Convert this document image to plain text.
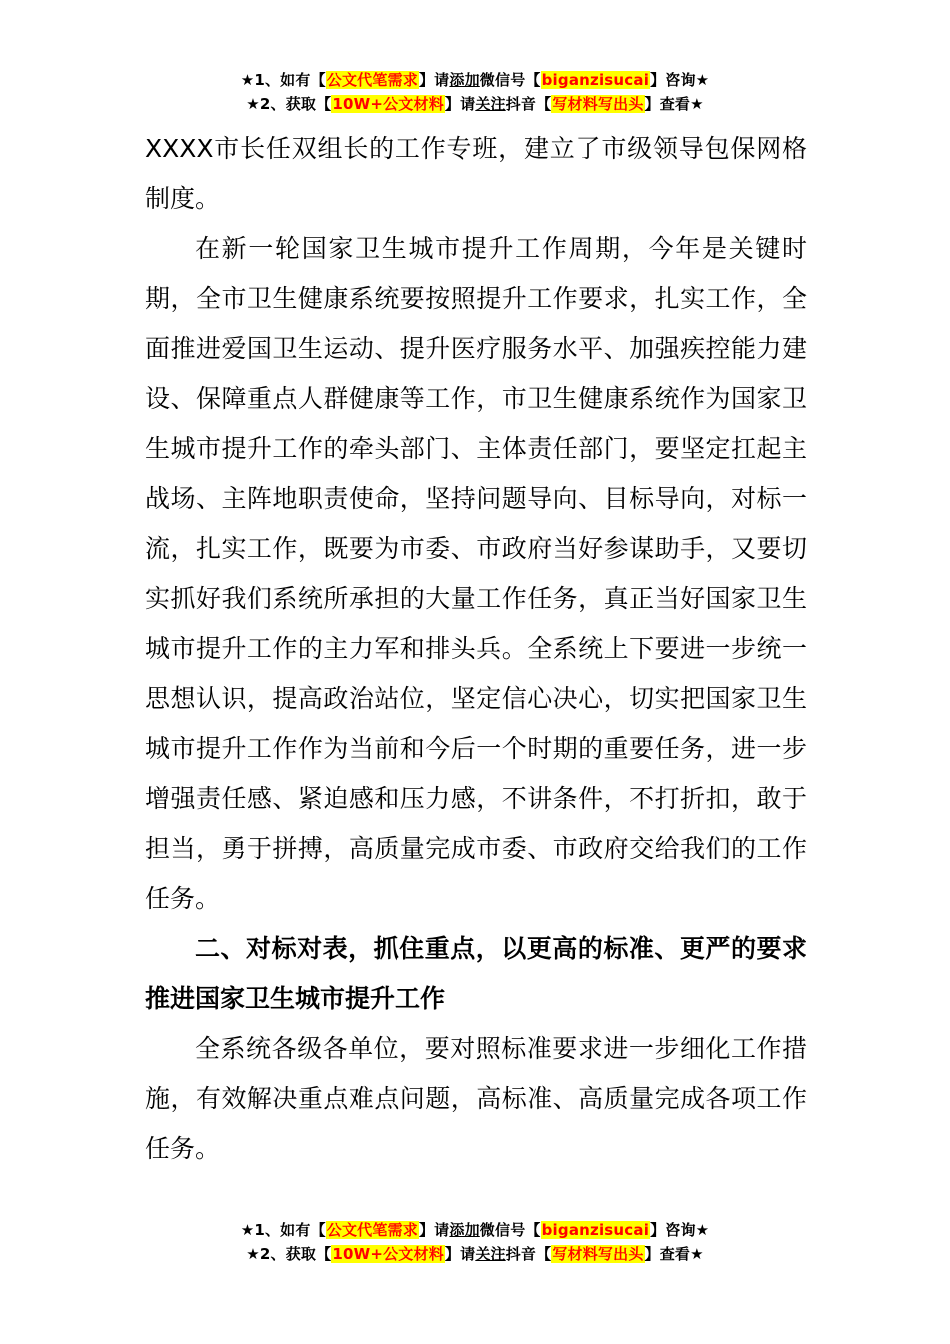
★1、如有【公文代笔需求】请添加微信号【biganzisucai】咨询★
★2、获取【10W+公文材料】请关注抖音【写材料写出头】查看★

XXXX市长任双组长的工作专班，建立了市级领导包保网格制度。

在新一轮国家卫生城市提升工作周期，今年是关键时期，全市卫生健康系统要按照提升工作要求，扎实工作，全面推进爱国卫生运动、提升医疗服务水平、加强疾控能力建设、保障重点人群健康等工作，市卫生健康系统作为国家卫生城市提升工作的牵头部门、主体责任部门，要坚定扛起主战场、主阵地职责使命，坚持问题导向、目标导向，对标一流，扎实工作，既要为市委、市政府当好参谋助手，又要切实抓好我们系统所承担的大量工作任务，真正当好国家卫生城市提升工作的主力军和排头兵。全系统上下要进一步统一思想认识，提高政治站位，坚定信心决心，切实把国家卫生城市提升工作作为当前和今后一个时期的重要任务，进一步增强责任感、紧迫感和压力感，不讲条件，不打折扣，敢于担当，勇于拼搏，高质量完成市委、市政府交给我们的工作任务。

二、对标对表，抓住重点，以更高的标准、更严的要求推进国家卫生城市提升工作

全系统各级各单位，要对照标准要求进一步细化工作措施，有效解决重点难点问题，高标准、高质量完成各项工作任务。

★1、如有【公文代笔需求】请添加微信号【biganzisucai】咨询★
★2、获取【10W+公文材料】请关注抖音【写材料写出头】查看★
